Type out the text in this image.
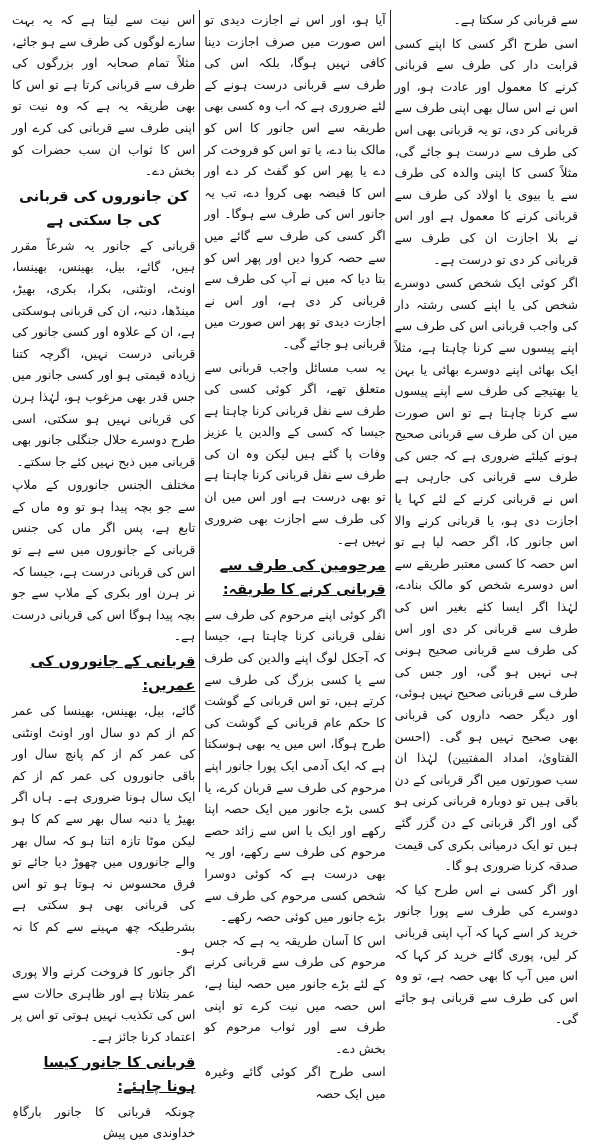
سے قربانی کر سکتا ہے۔

اسی طرح اگر کسی کا اپنے کسی قرابت دار کی طرف سے قربانی کرنے کا معمول اور عادت ہو، اور اس نے اس سال بھی اپنی طرف سے قربانی کر دی، تو یہ قربانی بھی اس کی طرف سے درست ہو جائے گی، مثلاً کسی کا اپنی والدہ کی طرف سے یا بیوی یا اولاد کی طرف سے قربانی کرنے کا معمول ہے اور اس نے بلا اجازت ان کی طرف سے قربانی کر دی تو درست ہے۔

اگر کوئی ایک شخص کسی دوسرے شخص کی یا اپنے کسی رشتہ دار کی واجب قربانی اس کی طرف سے اپنے پیسوں سے کرنا چاہتا ہے، مثلاً ایک بھائی اپنے دوسرے بھائی یا بہن یا بھتیجے کی طرف سے اپنے پیسوں سے کرنا چاہتا ہے تو اس صورت میں ان کی طرف سے قربانی صحیح ہونے کیلئے ضروری ہے کہ جس کی طرف سے قربانی کی جارہی ہے اس نے قربانی کرنے کے لئے کہا یا اجازت دی ہو، یا قربانی کرنے والا اس جانور کا، اگر حصہ لیا ہے تو اس حصہ کا کسی معتبر طریقے سے اس دوسرے شخص کو مالک بنادے، لہٰذا اگر ایسا کئے بغیر اس کی طرف سے قربانی کر دی اور اس کی طرف سے قربانی صحیح ہونی ہی نہیں ہو گی، اور جس کی طرف سے قربانی صحیح نہیں ہوئی، اور دیگر حصہ داروں کی قربانی بھی صحیح نہیں ہو گی۔ (احسن الفتاویٰ، امداد المفتیین) لہٰذا ان سب صورتوں میں اگر قربانی کے دن باقی ہیں تو دوبارہ قربانی کرنی ہو گی اور اگر قربانی کے دن گزر گئے ہیں تو ایک درمیانی بکری کی قیمت صدقہ کرنا ضروری ہو گا۔

اور اگر کسی نے اس طرح کیا کہ دوسرے کی طرف سے پورا جانور خرید کر اسے کہا کہ آپ اپنی قربانی کر لیں، پوری گائے خرید کر کہا کہ اس میں آپ کا بھی حصہ ہے، تو وہ اس کی طرف سے قربانی ہو جائے گی۔

آیا ہو، اور اس نے اجازت دیدی تو اس صورت میں صرف اجازت دینا کافی نہیں ہوگا، بلکہ اس کی طرف سے قربانی درست ہونے کے لئے ضروری ہے کہ اب وہ کسی بھی طریقہ سے اس جانور کا اس کو مالک بنا دے، یا تو اس کو فروخت کر دے یا پھر اس کو گفٹ کر دے اور اس کا قبضہ بھی کروا دے، تب یہ جانور اس کی طرف سے ہوگا۔ اور اگر کسی کی طرف سے گائے میں سے حصہ کروا دیں اور پھر اس کو بتا دیا کہ میں نے آپ کی طرف سے قربانی کر دی ہے، اور اس نے اجازت دیدی تو پھر اس صورت میں قربانی ہو جائے گی۔

یہ سب مسائل واجب قربانی سے متعلق تھے، اگر کوئی کسی کی طرف سے نفل قربانی کرنا چاہتا ہے جیسا کہ کسی کے والدین یا عزیز وفات پا گئے ہیں لیکن وہ ان کی طرف سے نفل قربانی کرنا چاہتا ہے تو بھی درست ہے اور اس میں ان کی طرف سے اجازت بھی ضروری نہیں ہے۔

مرحومین کی طرف سے قربانی کرنے کا طریقہ:

اگر کوئی اپنے مرحوم کی طرف سے نفلی قربانی کرنا چاہتا ہے، جیسا کہ آجکل لوگ اپنے والدین کی طرف سے یا کسی بزرگ کی طرف سے کرتے ہیں، تو اس قربانی کے گوشت کا حکم عام قربانی کے گوشت کی طرح ہوگا، اس میں یہ بھی ہوسکتا ہے کہ ایک آدمی ایک پورا جانور اپنے مرحوم کی طرف سے قربان کرے، یا کسی بڑے جانور میں ایک حصہ اپنا رکھے اور ایک یا اس سے زائد حصے مرحوم کی طرف سے رکھے، اور یہ بھی درست ہے کہ کوئی دوسرا شخص کسی مرحوم کی طرف سے بڑے جانور میں کوئی حصہ رکھے۔

اس کا آسان طریقہ یہ ہے کہ جس مرحوم کی طرف سے قربانی کرنے کے لئے بڑے جانور میں حصہ لینا ہے، اس حصہ میں نیت کرے تو اپنی طرف سے اور ثواب مرحوم کو بخش دے۔

اسی طرح اگر کوئی گائے وغیرہ میں ایک حصہ

اس نیت سے لیتا ہے کہ یہ بہت سارے لوگوں کی طرف سے ہو جائے، مثلاً تمام صحابہ اور بزرگوں کی طرف سے قربانی کرتا ہے تو اس کا بھی طریقہ یہ ہے کہ وہ نیت تو اپنی طرف سے قربانی کی کرے اور اس کا ثواب ان سب حضرات کو بخش دے۔

کن جانوروں کی قربانی کی جا سکتی ہے

قربانی کے جانور یہ شرعاً مقرر ہیں، گائے، بیل، بھینس، بھینسا، اونٹ، اونٹنی، بکرا، بکری، بھیڑ، مینڈھا، دنبہ، ان کی قربانی ہوسکتی ہے، ان کے علاوہ اور کسی جانور کی قربانی درست نہیں، اگرچہ کتنا زیادہ قیمتی ہو اور کسی جانور میں جس قدر بھی مرغوب ہو، لہٰذا ہرن کی قربانی نہیں ہو سکتی، اسی طرح دوسرے حلال جنگلی جانور بھی قربانی میں ذبح نہیں کئے جا سکتے۔

مختلف الجنس جانوروں کے ملاپ سے جو بچہ پیدا ہو تو وہ ماں کے تابع ہے، پس اگر ماں کی جنس قربانی کے جانوروں میں سے ہے تو اس کی قربانی درست ہے، جیسا کہ نر ہرن اور بکری کے ملاپ سے جو بچہ پیدا ہوگا اس کی قربانی درست ہے۔

قربانی کے جانوروں کی عمریں:

گائے، بیل، بھینس، بھینسا کی عمر کم از کم دو سال اور اونٹ اونٹنی کی عمر کم از کم پانچ سال اور باقی جانوروں کی عمر کم از کم ایک سال ہونا ضروری ہے۔ ہاں اگر بھیڑ یا دنبہ سال بھر سے کم کا ہو لیکن موٹا تازہ اتنا ہو کہ سال بھر والے جانوروں میں چھوڑ دیا جائے تو فرق محسوس نہ ہوتا ہو تو اس کی قربانی بھی ہو سکتی ہے بشرطیکہ چھ مہینے سے کم کا نہ ہو۔

اگر جانور کا فروخت کرنے والا پوری عمر بتلاتا ہے اور ظاہری حالات سے اس کی تکذیب نہیں ہوتی تو اس پر اعتماد کرنا جائز ہے۔

قربانی کا جانور کیسا ہونا چاہئے:

چونکہ قربانی کا جانور بارگاہِ خداوندی میں پیش
